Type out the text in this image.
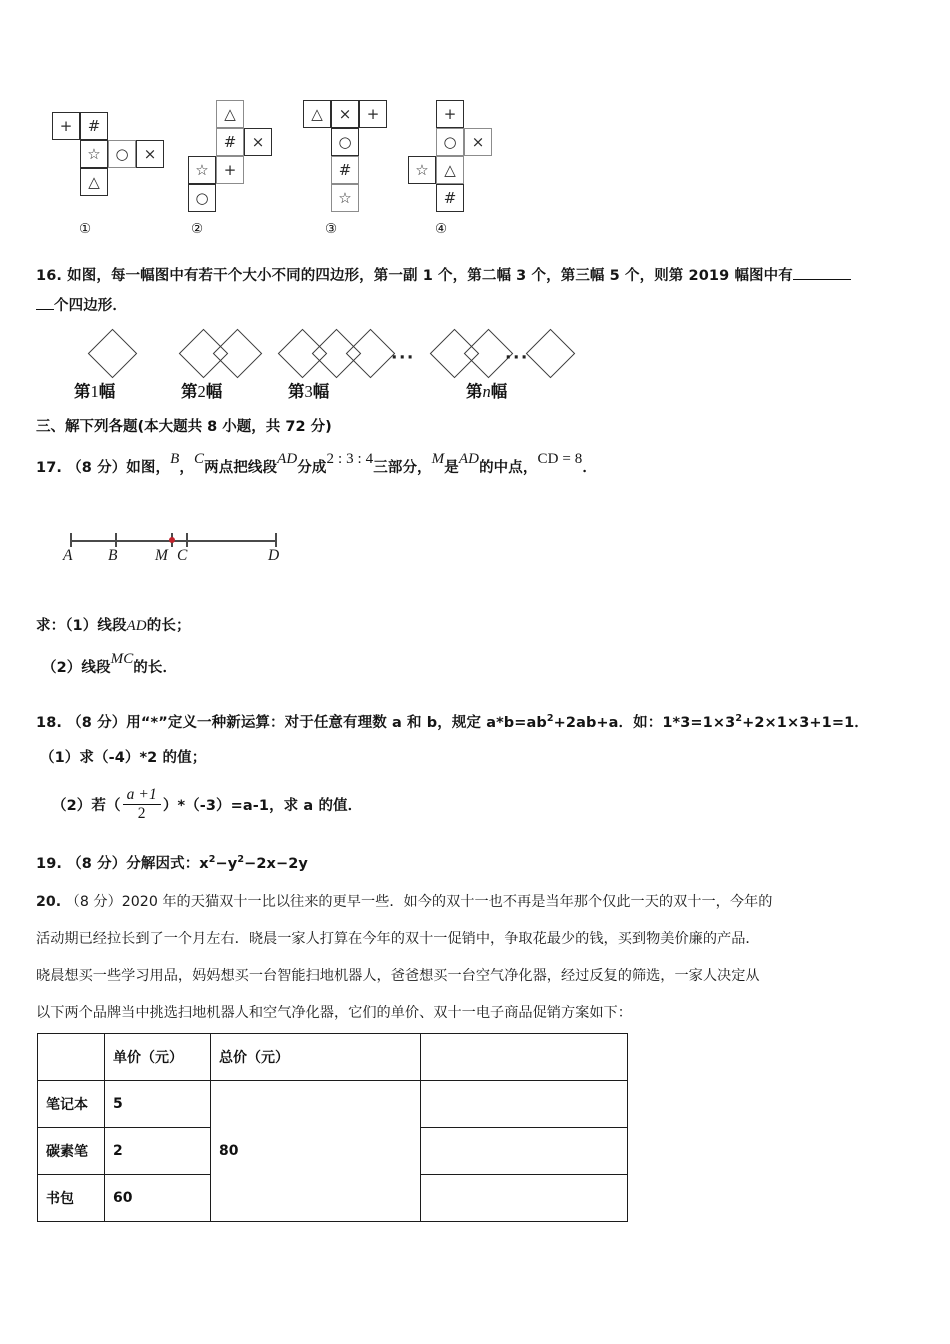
+	#
☆ ○	×
△
①
△
#	×
☆ +
○
②
△	×	+
○
#
☆
③
+
○	×
☆	△
#
④
16. 如图，每一幅图中有若干个大小不同的四边形，第一副 1 个，第二幅 3 个，第三幅 5 个，则第 2019 幅图中有
个四边形．
第1幅	第2幅	第3幅
···	···
第n幅
三、解下列各题(本大题共 8 小题，共 72 分)
17. （8 分）如图，B，C两点把线段AD分成2 : 3 : 4三部分，M是AD的中点，CD = 8．
A B M C	D
求：（1）线段AD的长；
（2）线段MC的长．
18. （8 分）用“*”定义一种新运算：对于任意有理数 a 和 b，规定 $a*b=ab^2+2ab+a$．如：$1*3=1\times 3^2+2\times 1\times 3+1=1$．
（1）求（-4）*2 的值；
（2）若（ $\frac{a +1}{2} )*(-3)=a-1$，求 a 的值．
19. （8 分）分解因式：$x^2-y^2-2x-2y$
20. （8 分）2020 年的天猫双十一比以往来的更早一些．如今的双十一也不再是当年那个仅此一天的双十一，今年的
活动期已经拉长到了一个月左右．晓晨一家人打算在今年的双十一促销中，争取花最少的钱，买到物美价廉的产品．
晓晨想买一些学习用品，妈妈想买一台智能扫地机器人，爸爸想买一台空气净化器，经过反复的筛选，一家人决定从
以下两个品牌当中挑选扫地机器人和空气净化器，它们的单价、双十一电子商品促销方案如下：
	单价（元）	总价（元）	
笔记本	5	80	
碳素笔	2		
书包	60		
